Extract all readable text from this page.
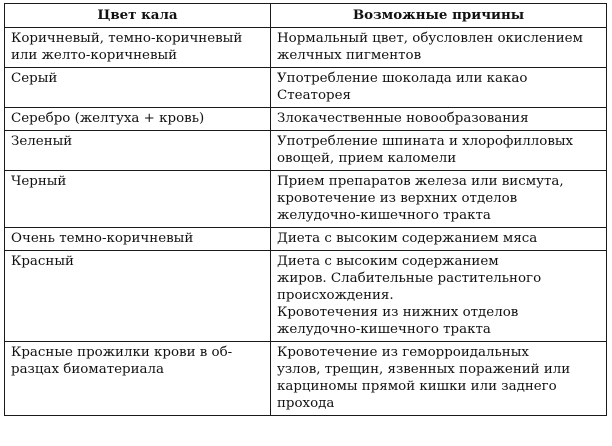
Цвет кала	Возможные причины

Коричневый, темно-коричневый
или желто-коричневый	Нормальный цвет, обусловлен окислением
желчных пигментов

Серый	Употребление шоколада или какао
Стеаторея

Серебро (желтуха + кровь)	Злокачественные новообразования

Зеленый	Употребление шпината и хлорофилловых
овощей, прием каломели

Черный	Прием препаратов железа или висмута,
кровотечение из верхних отделов
желудочно-кишечного тракта

Очень темно-коричневый	Диета с высоким содержанием мяса

Красный	Диета с высоким содержанием
жиров. Слабительные растительного
происхождения.
Кровотечения из нижних отделов
желудочно-кишечного тракта

Красные прожилки крови в об-
разцах биоматериала	Кровотечение из геморроидальных
узлов, трещин, язвенных поражений или
карциномы прямой кишки или заднего
прохода
